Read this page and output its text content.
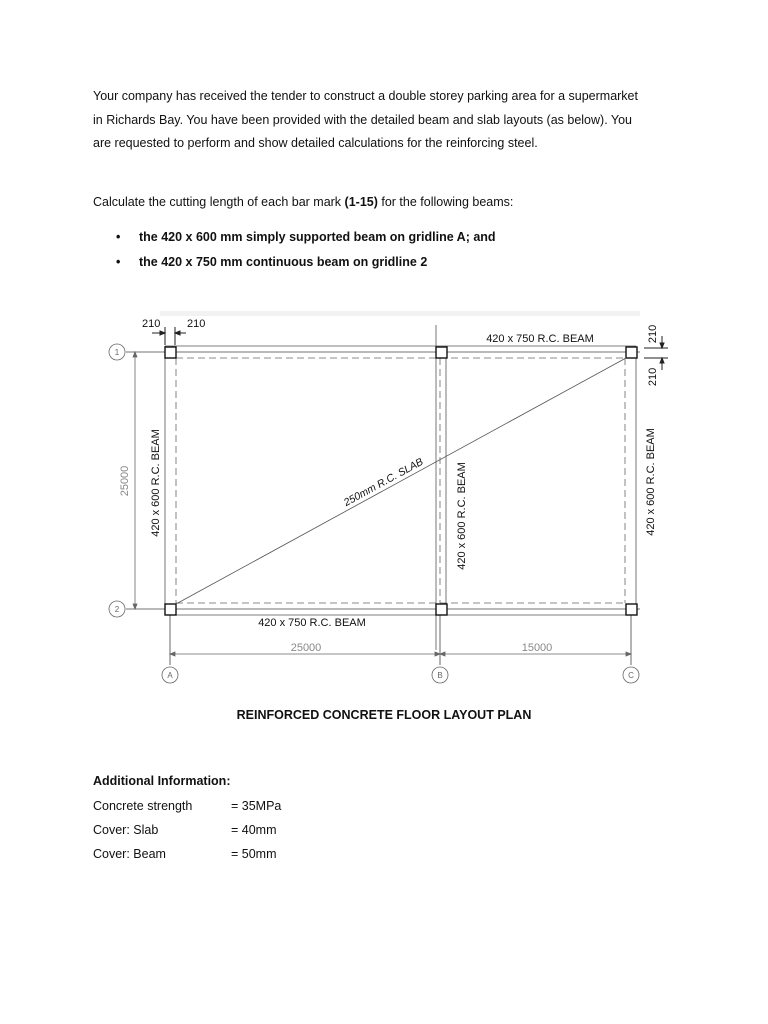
Your company has received the tender to construct a double storey parking area for a supermarket
in Richards Bay. You have been provided with the detailed beam and slab layouts (as below). You
are requested to perform and show detailed calculations for the reinforcing steel.

Calculate the cutting length of each bar mark (1-15) for the following beams:

• the 420 x 600 mm simply supported beam on gridline A; and
• the 420 x 750 mm continuous beam on gridline 2
210 210
210
210
25000
25000	15000
1
2
A	B	C
420 x 750 R.C. BEAM
420 x 750 R.C. BEAM
420 x 600 R.C. BEAM	420 x 600 R.C. BEAM	420 x 600 R.C. BEAM
250mm R.C. SLAB
REINFORCED CONCRETE FLOOR LAYOUT PLAN
Additional Information:
Concrete strength	= 35MPa
Cover: Slab	= 40mm
Cover: Beam	= 50mm
